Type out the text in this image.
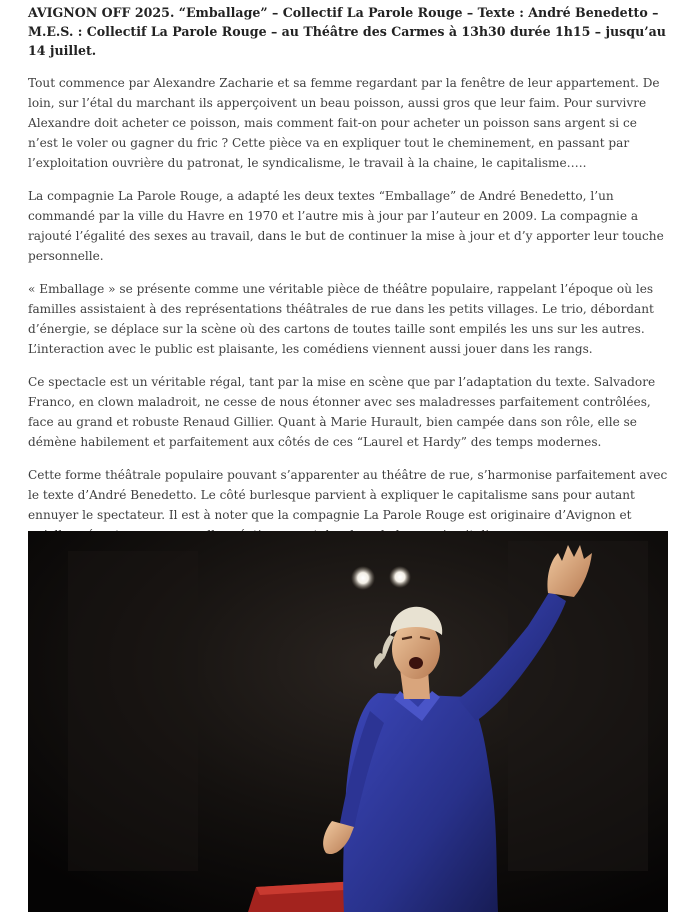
AVIGNON OFF 2025. “Emballage” – Collectif La Parole Rouge – Texte : André Benedetto – M.E.S. : Collectif La Parole Rouge – au Théâtre des Carmes à 13h30 durée 1h15 – jusqu’au 14 juillet.

Tout commence par Alexandre Zacharie et sa femme regardant par la fenêtre de leur appartement. De loin, sur l’étal du marchant ils apperçoivent un beau poisson, aussi gros que leur faim. Pour survivre Alexandre doit acheter ce poisson, mais comment fait-on pour acheter un poisson sans argent si ce n’est le voler ou gagner du fric ? Cette pièce va en expliquer tout le cheminement, en passant par l’exploitation ouvrière du patronat, le syndicalisme, le travail à la chaine, le capitalisme…..

La compagnie La Parole Rouge, a adapté les deux textes “Emballage” de André Benedetto, l’un commandé par la ville du Havre en 1970 et l’autre mis à jour par l’auteur en 2009. La compagnie a rajouté l’égalité des sexes au travail, dans le but de continuer la mise à jour et d’y apporter leur touche personnelle.

« Emballage » se présente comme une véritable pièce de théâtre populaire, rappelant l’époque où les familles assistaient à des représentations théâtrales de rue dans les petits villages. Le trio, débordant d’énergie, se déplace sur la scène où des cartons de toutes taille sont empilés les uns sur les autres. L’interaction avec le public est plaisante, les comédiens viennent aussi jouer dans les rangs.

Ce spectacle est un véritable régal, tant par la mise en scène que par l’adaptation du texte. Salvadore Franco, en clown maladroit, ne cesse de nous étonner avec ses maladresses parfaitement contrôlées, face au grand et robuste Renaud Gillier. Quant à Marie Hurault, bien campée dans son rôle, elle se démène habilement et parfaitement aux côtés de ces “Laurel et Hardy” des temps modernes.

Cette forme théâtrale populaire pouvant s’apparenter au théâtre de rue, s’harmonise parfaitement avec le texte d’André Benedetto. Le côté burlesque parvient à expliquer le capitalisme sans pour autant ennuyer le spectateur. Il est à noter que la compagnie La Parole Rouge est originaire d’Avignon et
